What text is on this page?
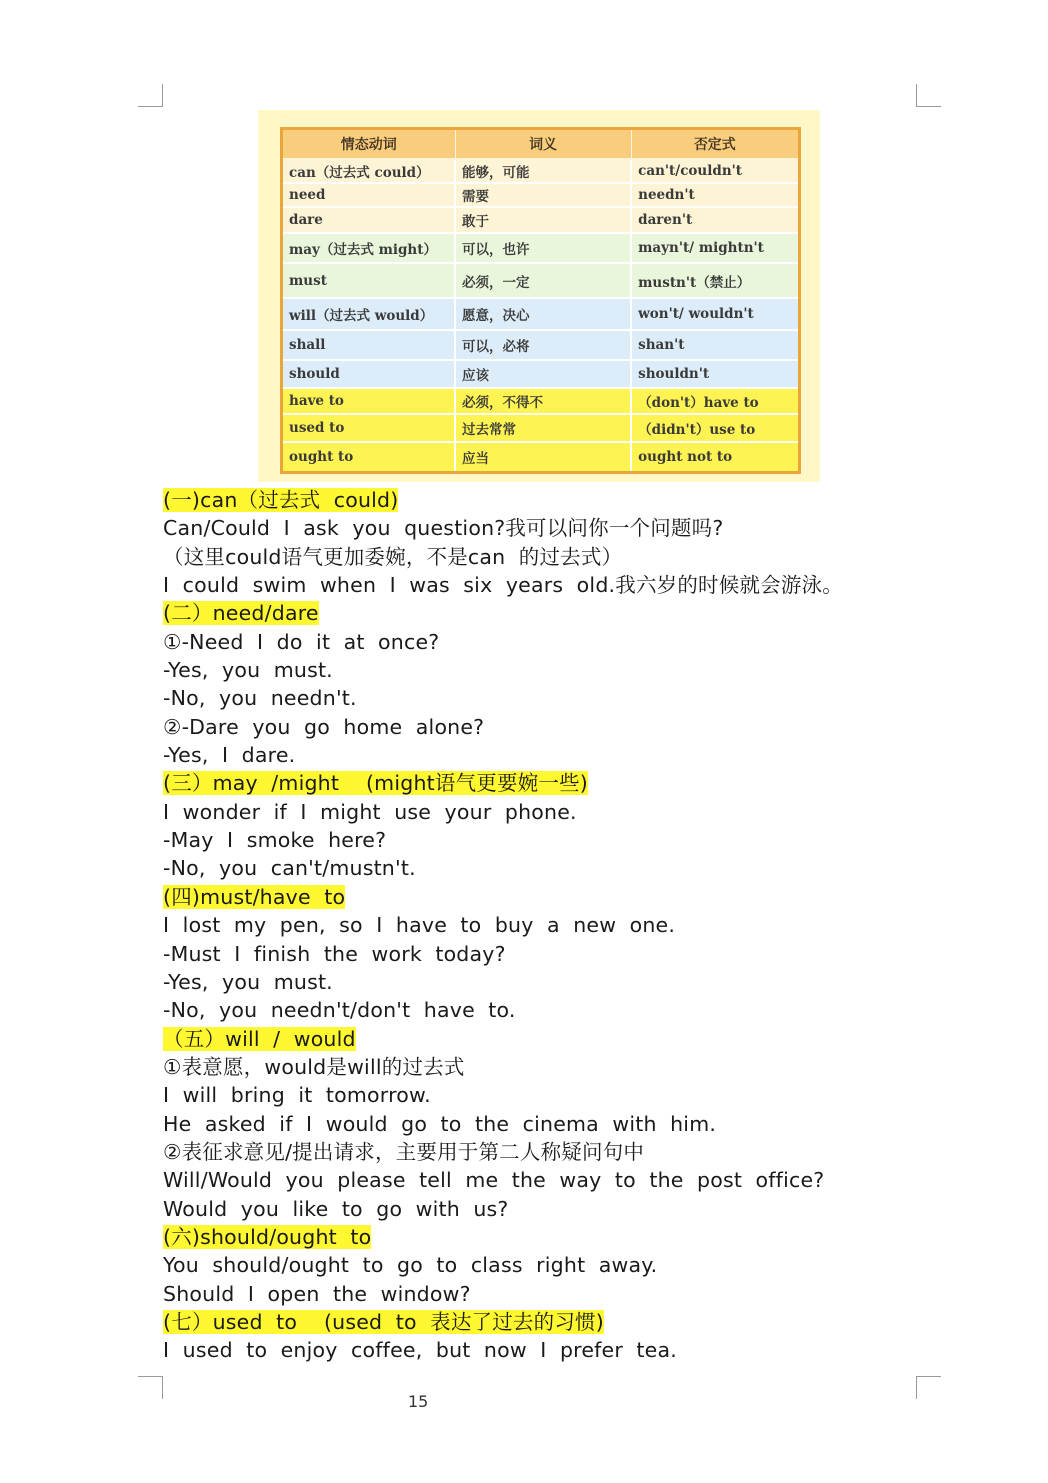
情态动词	词义	否定式
can（过去式 could）	能够，可能	can't/couldn't
need	需要	needn't
dare	敢于	daren't
may（过去式 might）	可以，也许	mayn't/ mightn't
must	必须，一定	mustn't（禁止）
will（过去式 would）	愿意，决心	won't/ wouldn't
shall	可以，必将	shan't
should	应该	shouldn't
have to	必须，不得不	（don't）have to
used to	过去常常	（didn't）use to
ought to	应当	ought not to

(一)can（过去式  could)

Can/Could  I  ask  you  question?我可以问你一个问题吗?

（这里could语气更加委婉，不是can  的过去式）

I  could  swim  when  I  was  six  years  old.我六岁的时候就会游泳。

(二）need/dare

①-Need  I  do  it  at  once?

-Yes,  you  must.

-No,  you  needn't.

②-Dare  you  go  home  alone?

-Yes,  I  dare.

(三）may  /might    (might语气更要婉一些)

I  wonder  if  I  might  use  your  phone.

-May  I  smoke  here?

-No,  you  can't/mustn't.

(四)must/have  to

I  lost  my  pen,  so  I  have  to  buy  a  new  one.

-Must  I  finish  the  work  today?

-Yes,  you  must.

-No,  you  needn't/don't  have  to.

（五）will  /  would

①表意愿，would是will的过去式

I  will  bring  it  tomorrow.

He  asked  if  I  would  go  to  the  cinema  with  him.

②表征求意见/提出请求，主要用于第二人称疑问句中

Will/Would  you  please  tell  me  the  way  to  the  post  office?

Would  you  like  to  go  with  us?

(六)should/ought  to

You  should/ought  to  go  to  class  right  away.

Should  I  open  the  window?

(七）used  to    (used  to  表达了过去的习惯)

I  used  to  enjoy  coffee,  but  now  I  prefer  tea.

15
